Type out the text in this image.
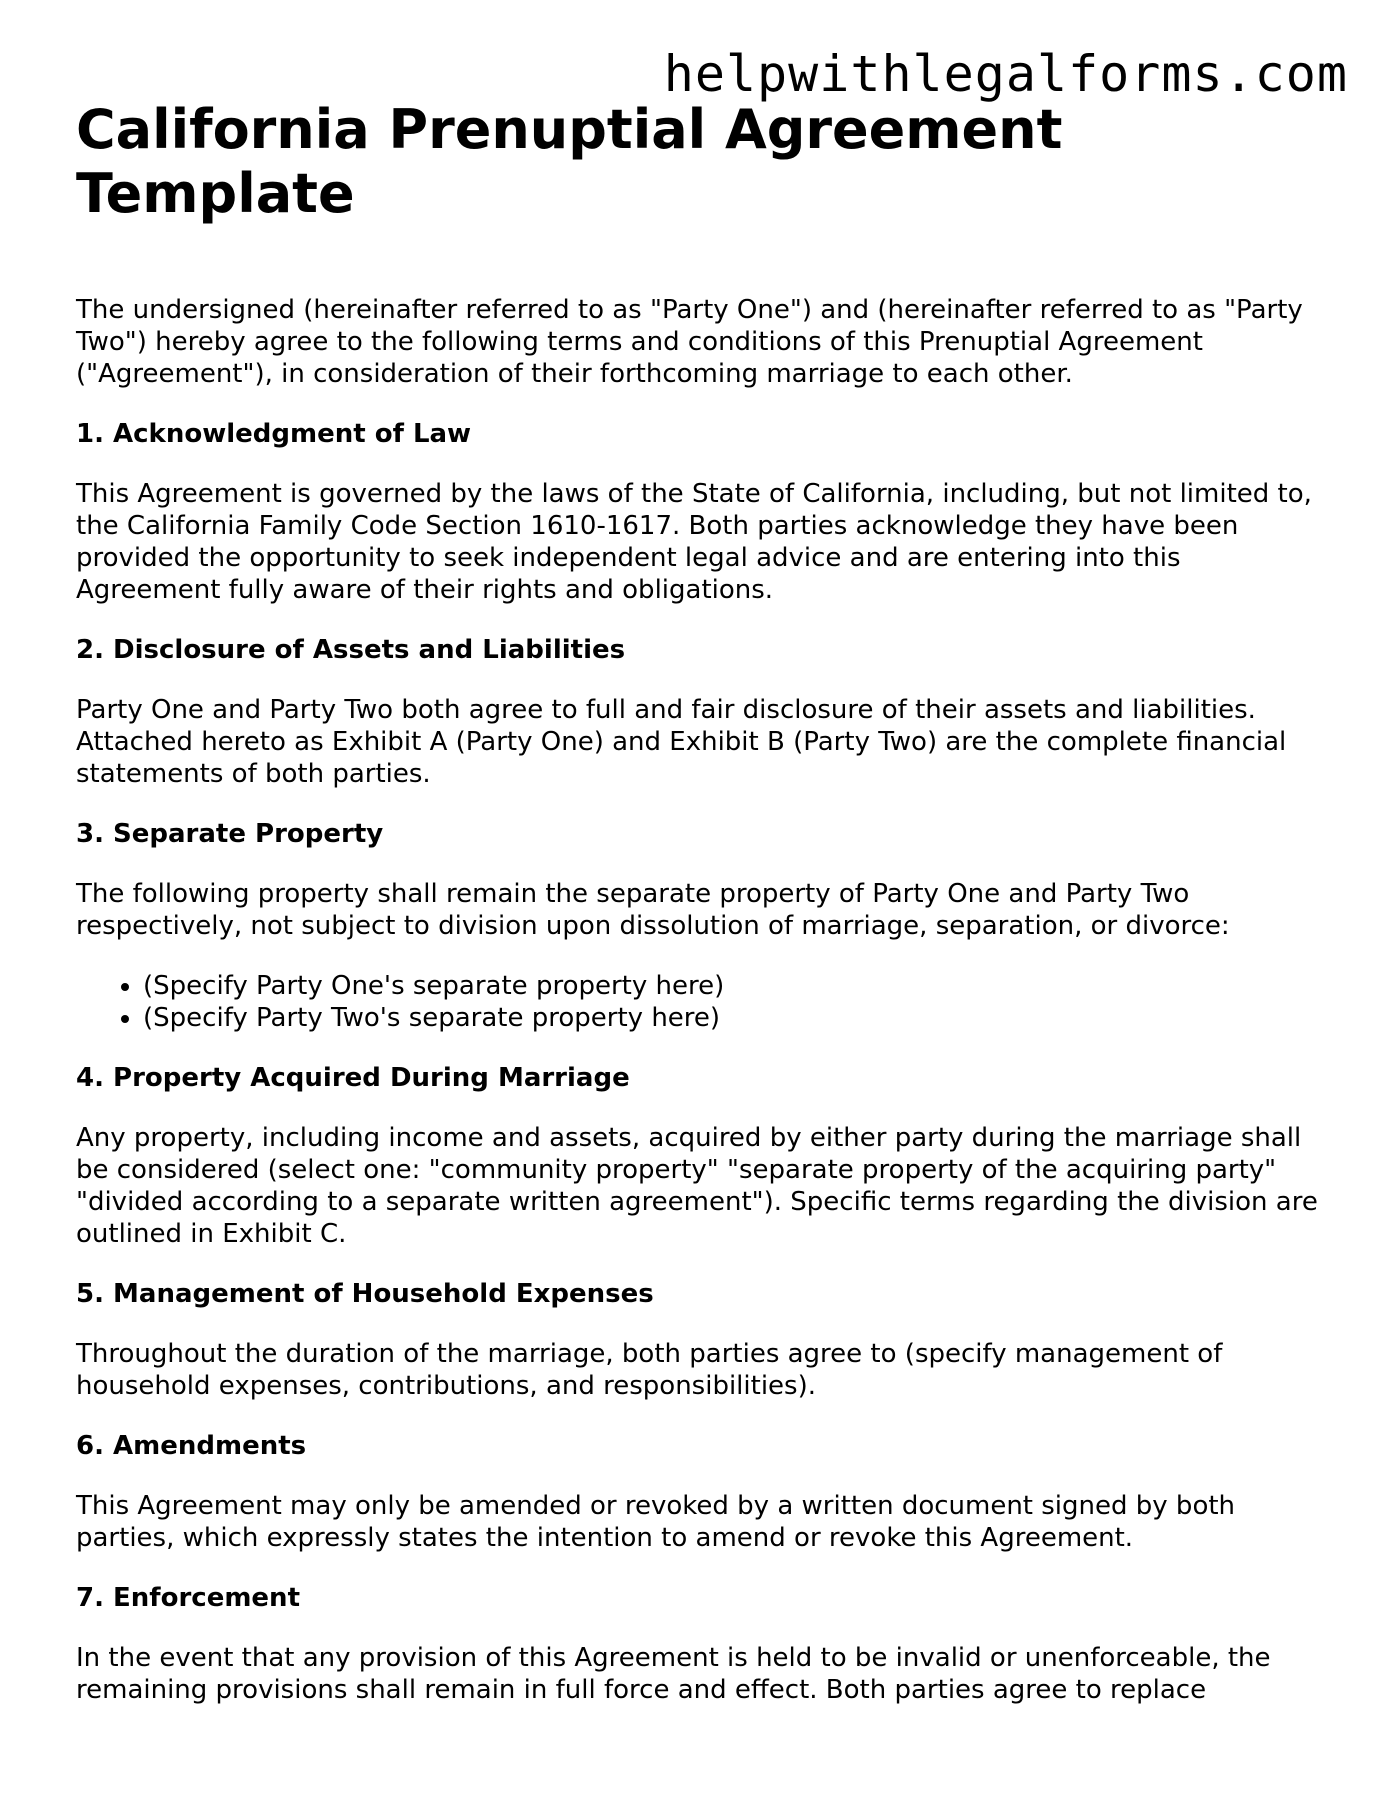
helpwithlegalforms.com
California Prenuptial Agreement Template

The undersigned (hereinafter referred to as "Party One") and (hereinafter referred to as "Party Two") hereby agree to the following terms and conditions of this Prenuptial Agreement ("Agreement"), in consideration of their forthcoming marriage to each other.

1. Acknowledgment of Law

This Agreement is governed by the laws of the State of California, including, but not limited to, the California Family Code Section 1610-1617. Both parties acknowledge they have been provided the opportunity to seek independent legal advice and are entering into this Agreement fully aware of their rights and obligations.

2. Disclosure of Assets and Liabilities

Party One and Party Two both agree to full and fair disclosure of their assets and liabilities. Attached hereto as Exhibit A (Party One) and Exhibit B (Party Two) are the complete financial statements of both parties.

3. Separate Property

The following property shall remain the separate property of Party One and Party Two respectively, not subject to division upon dissolution of marriage, separation, or divorce:

• (Specify Party One's separate property here)
• (Specify Party Two's separate property here)
4. Property Acquired During Marriage

Any property, including income and assets, acquired by either party during the marriage shall be considered (select one: "community property" "separate property of the acquiring party" "divided according to a separate written agreement"). Specific terms regarding the division are outlined in Exhibit C.

5. Management of Household Expenses

Throughout the duration of the marriage, both parties agree to (specify management of household expenses, contributions, and responsibilities).

6. Amendments

This Agreement may only be amended or revoked by a written document signed by both parties, which expressly states the intention to amend or revoke this Agreement.

7. Enforcement

In the event that any provision of this Agreement is held to be invalid or unenforceable, the remaining provisions shall remain in full force and effect. Both parties agree to replace
